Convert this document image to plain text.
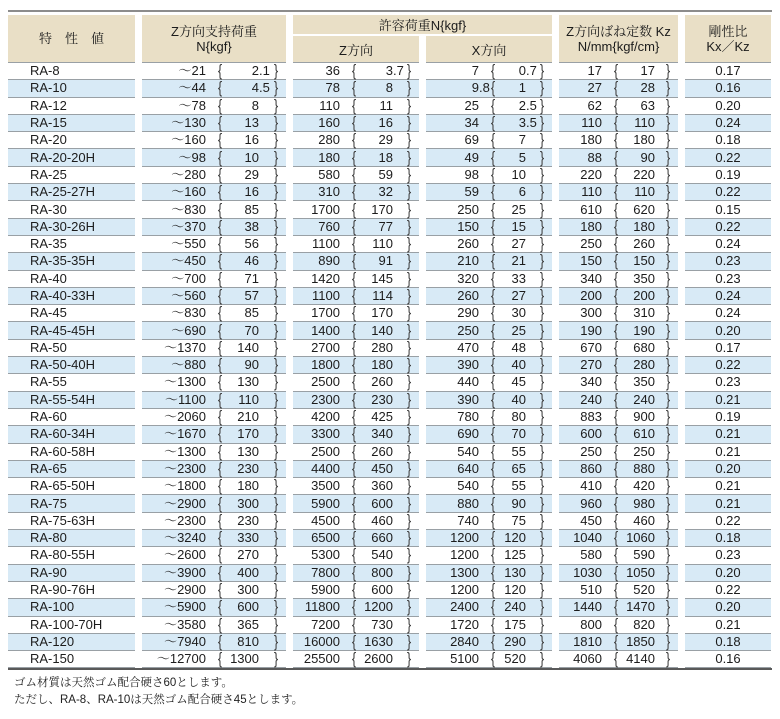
特　性　値	Z方向支持荷重
N{kgf}
許容荷重N{kgf}
Z方向	X方向
Z方向ばね定数 Kz
N/mm{kgf/cm}
剛性比
Kx／Kz
RA-8	～21 {	2 .1 }	36 {	3 .7 }	7 {	0 .7 }	17 {	17 }	0.17
RA-10	～44 {	4 .5 }	78 {	8 }	9 .8 {	1 }	27 {	28 }	0.16
RA-12	～78 {	8 }	110 {	11 }	25 {	2 .5 }	62 {	63 }	0.20
RA-15	～130 {	13 }	160 {	16 }	34 {	3 .5 }	110 {	110 }	0.24
RA-20	～160 {	16 }	280 {	29 }	69 {	7 }	180 {	180 }	0.18
RA-20-20H	～98 {	10 }	180 {	18 }	49 {	5 }	88 {	90 }	0.22
RA-25	～280 {	29 }	580 {	59 }	98 {	10 }	220 {	220 }	0.19
RA-25-27H	～160 {	16 }	310 {	32 }	59 {	6 }	110 {	110 }	0.22
RA-30	～830 {	85 }	1700 {	170 }	250 {	25 }	610 {	620 }	0.15
RA-30-26H	～370 {	38 }	760 {	77 }	150 {	15 }	180 {	180 }	0.22
RA-35	～550 {	56 }	1100 {	110 }	260 {	27 }	250 {	260 }	0.24
RA-35-35H	～450 {	46 }	890 {	91 }	210 {	21 }	150 {	150 }	0.23
RA-40	～700 {	71 }	1420 {	145 }	320 {	33 }	340 {	350 }	0.23
RA-40-33H	～560 {	57 }	1100 {	114 }	260 {	27 }	200 {	200 }	0.24
RA-45	～830 {	85 }	1700 {	170 }	290 {	30 }	300 {	310 }	0.24
RA-45-45H	～690 {	70 }	1400 {	140 }	250 {	25 }	190 {	190 }	0.20
RA-50	～1370 {	140 }	2700 {	280 }	470 {	48 }	670 {	680 }	0.17
RA-50-40H	～880 {	90 }	1800 {	180 }	390 {	40 }	270 {	280 }	0.22
RA-55	～1300 {	130 }	2500 {	260 }	440 {	45 }	340 {	350 }	0.23
RA-55-54H	～1100 {	110 }	2300 {	230 }	390 {	40 }	240 {	240 }	0.21
RA-60	～2060 {	210 }	4200 {	425 }	780 {	80 }	883 {	900 }	0.19
RA-60-34H	～1670 {	170 }	3300 {	340 }	690 {	70 }	600 {	610 }	0.21
RA-60-58H	～1300 {	130 }	2500 {	260 }	540 {	55 }	250 {	250 }	0.21
RA-65	～2300 {	230 }	4400 {	450 }	640 {	65 }	860 {	880 }	0.20
RA-65-50H	～1800 {	180 }	3500 {	360 }	540 {	55 }	410 {	420 }	0.21
RA-75	～2900 {	300 }	5900 {	600 }	880 {	90 }	960 {	980 }	0.21
RA-75-63H	～2300 {	230 }	4500 {	460 }	740 {	75 }	450 {	460 }	0.22
RA-80	～3240 {	330 }	6500 {	660 }	1200 { 120 }	1040 { 1060 }	0.18
RA-80-55H	～2600 {	270 }	5300 {	540 }	1200 { 125 }	580 {	590 }	0.23
RA-90	～3900 {	400 }	7800 {	800 }	1300 { 130 }	1030 { 1050 }	0.20
RA-90-76H	～2900 {	300 }	5900 {	600 }	1200 { 120 }	510 {	520 }	0.22
RA-100	～5900 {	600 }	11800 { 1200 }	2400 { 240 }	1440 { 1470 }	0.20
RA-100-70H	～3580 {	365 }	7200 {	730 }	1720 { 175 }	800 {	820 }	0.21
RA-120	～7940 {	810 }	16000 { 1630 }	2840 { 290 }	1810 { 1850 }	0.18
RA-150	～12700 { 1300 }	25500 { 2600 }	5100 { 520 }	4060 { 4140 }	0.16
ゴム材質は天然ゴム配合硬さ60とします。
ただし、RA-8、RA-10は天然ゴム配合硬さ45とします。
